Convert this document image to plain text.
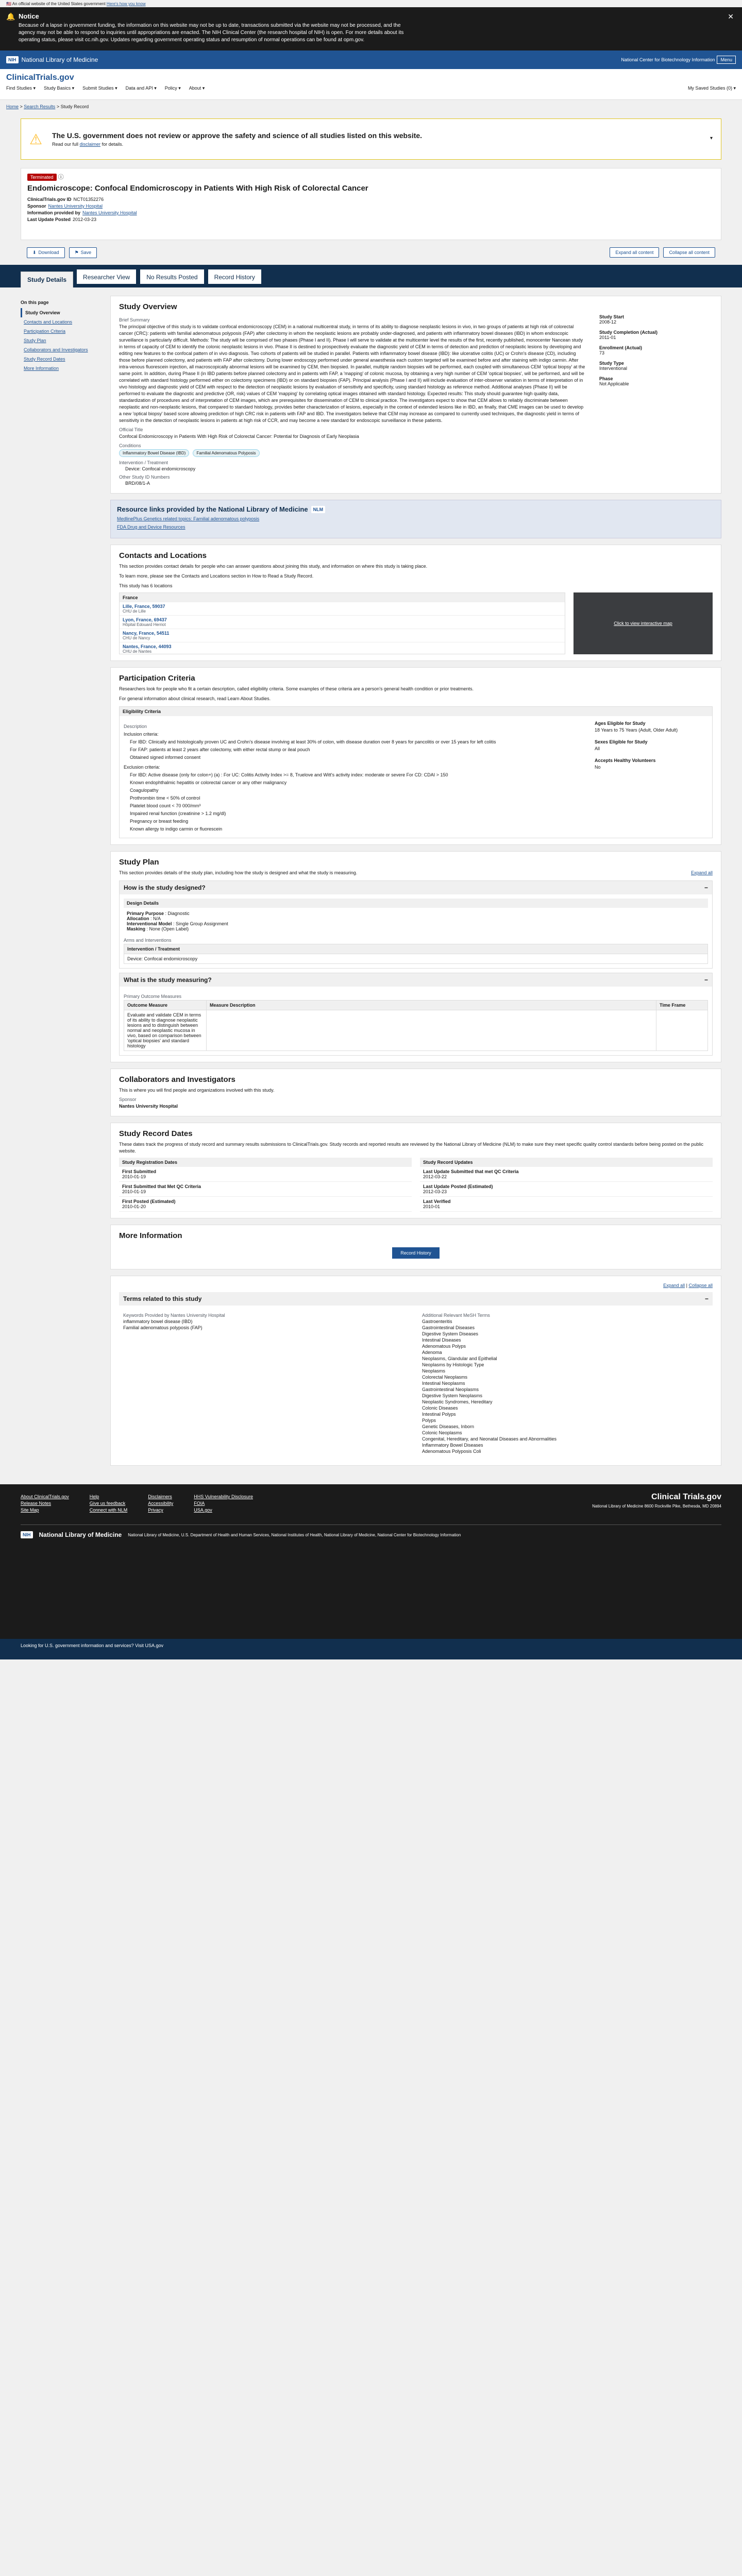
🇺🇸 An official website of the United States government Here's how you know
🔔 Notice

Because of a lapse in government funding, the information on this website may not be up to date, transactions submitted via the website may not be processed, and the agency may not be able to respond to inquiries until appropriations are enacted. The NIH Clinical Center (the research hospital of NIH) is open. For more details about its operating status, please visit cc.nih.gov. Updates regarding government operating status and resumption of normal operations can be found at opm.gov.

✕
NIH National Library of Medicine	National Center for Biotechnology Information	Menu
ClinicalTrials.gov
Find Studies ▾ Study Basics ▾ Submit Studies ▾ Data and API ▾ Policy ▾ About ▾	My Saved Studies (0) ▾
Home > Search Results > Study Record
⚠	The U.S. government does not review or approve the safety and science of all studies listed on this website.

Read our full disclaimer for details.

▾
Terminated ⓘ
Endomicroscope: Confocal Endomicroscopy in Patients With High Risk of Colorectal Cancer
ClinicalTrials.gov ID NCT01352276
Sponsor Nantes University Hospital
Information provided by Nantes University Hospital
Last Update Posted 2012-03-23
⬇ Download	⚑ Save	Expand all content	Collapse all content
Study Details	Researcher View	No Results Posted	Record History
On this page
Study Overview
Contacts and Locations
Participation Criteria
Study Plan
Collaborators and Investigators
Study Record Dates
More Information
Study Overview
Brief Summary
The principal objective of this study is to validate confocal endomicroscopy (CEM) in a national multicentral study, in terms of its ability to diagnose neoplastic lesions in vivo, in two groups of patients at high risk of colorectal cancer (CRC): patients with familial adenomatous polyposis (FAP) after colectomy in whom the neoplastic lesions are probably under-diagnosed, and patients with inflammatory bowel diseases (IBD) in whom endoscopic surveillance is particularly difficult. Methods: The study will be comprised of two phases (Phase I and II). Phase I will serve to validate at the multicenter level the results of the first, recently published, monocenter Nancean study in terms of capacity of CEM to identify the colonic neoplastic lesions in vivo. Phase II is destined to prospectively evaluate the diagnostic yield of CEM in terms of detection and prediction of neoplastic lesions by developing and editing new features to the confocal pattern of in vivo diagnosis. Two cohorts of patients will be studied in parallel. Patients with inflammatory bowel disease (IBD): like ulcerative colitis (UC) or Crohn's disease (CD), including those before planned colectomy, and patients with FAP after colectomy. During lower endoscopy performed under general anaesthesia each custom targeted will be examined before and after staining with indigo carmin. After intra-venous fluorescein injection, all macroscopically abnormal lesions will be examined by CEM, then biopsied. In parallel, multiple random biopsies will be performed, each coupled with simultaneous CEM 'optical biopsy' at the same point. In addition, during Phase II (in IBD patients before planned colectomy and in patients with FAP, a 'mapping' of colonic mucosa, by obtaining a very high number of CEM 'optical biopsies', will be performed, and will be correlated with standard histology performed either on colectomy specimens (IBD) or on standard biopsies (FAP). Principal analysis (Phase I and II) will include evaluation of inter-observer variation in terms of interpretation of in vivo histology and diagnostic yield of CEM with respect to the detection of neoplastic lesions by evaluation of sensitivity and specificity, using standard histology as reference method. Additional analyses (Phase II) will be performed to evaluate the diagnostic and predictive (OR, risk) values of CEM 'mapping' by correlating optical images obtained with standard histology. Expected results: This study should guarantee high quality data, standardization of procedures and of interpretation of CEM images, which are prerequisites for dissemination of CEM to clinical practice. The investigators expect to show that CEM allows to reliably discriminate between neoplastic and non-neoplastic lesions, that compared to standard histology, provides better characterization of lesions, especially in the context of extended lesions like in IBD, an finally, that CME images can be used to develop a new 'optical biopsy' based score allowing prediction of high CRC risk in patients with FAP and IBD. The investigators believe that CEM may increase as compared to currently used techniques, the diagnostic yield in terms of sensitivity in the detection of neoplastic lesions in patients at high risk of CCR, and may become a new standard for endoscopic surveillance in these patients.
Official Title
Confocal Endomicroscopy in Patients With High Risk of Colorectal Cancer: Potential for Diagnosis of Early Neoplasia
Conditions
Inflammatory Bowel Disease (IBD)	Familial Adenomatous Polyposis
Intervention / Treatment
Device: Confocal endomicroscopy
Other Study ID Numbers
BRD/08/1-A
Study Start
2008-12
Study Completion (Actual)
2011-01
Enrollment (Actual)
73
Study Type
Interventional
Phase
Not Applicable
Resource links provided by the National Library of Medicine	NLM
MedlinePlus Genetics related topics: Familial adenomatous polyposis
FDA Drug and Device Resources
Contacts and Locations
This section provides contact details for people who can answer questions about joining this study, and information on where this study is taking place.
To learn more, please see the Contacts and Locations section in How to Read a Study Record.
This study has 6 locations
France
Lille, France, 59037
CHU de Lille
Lyon, France, 69437
Hôpital Edouard Herriot
Nancy, France, 54511
CHU de Nancy
Nantes, France, 44093
CHU de Nantes
Click to view interactive map
Participation Criteria
Researchers look for people who fit a certain description, called eligibility criteria. Some examples of these criteria are a person's general health condition or prior treatments.
For general information about clinical research, read Learn About Studies.
Eligibility Criteria
Description
Inclusion criteria:
For IBD: Clinically and histologically proven UC and Crohn's disease involving at least 30% of colon, with disease duration over 8 years for pancolitis or over 15 years for left colitis
For FAP: patients at least 2 years after colectomy, with either rectal stump or ileal pouch
Obtained signed informed consent
Exclusion criteria:
For IBD: Active disease (only for colon+) (a) : For UC: Colitis Activity Index >= 8, Truelove and Witt's activity index: moderate or severe For CD: CDAI > 150
Known endophthalmic hepatitis or colorectal cancer or any other malignancy
Coagulopathy
Prothrombin time < 50% of control
Platelet blood count < 70 000/mm³
Impaired renal function (creatinine > 1.2 mg/dl)
Pregnancy or breast feeding
Known allergy to indigo carmin or fluorescein
Ages Eligible for Study
18 Years to 75 Years (Adult, Older Adult)
Sexes Eligible for Study
All
Accepts Healthy Volunteers
No
Study Plan
This section provides details of the study plan, including how the study is designed and what the study is measuring.	Expand all
How is the study designed?	−
Design Details
Primary Purpose : Diagnostic
Allocation : N/A
Interventional Model : Single Group Assignment
Masking : None (Open Label)
Arms and Interventions
Intervention / Treatment
Device: Confocal endomicroscopy
What is the study measuring?	−
Primary Outcome Measures
Outcome Measure	Measure Description	Time Frame
Evaluate and validate CEM in terms of its ability to diagnose neoplastic lesions and to distinguish between normal and neoplastic mucosa in vivo, based on comparison between 'optical biopsies' and standard histology		
Collaborators and Investigators
This is where you will find people and organizations involved with this study.
Sponsor
Nantes University Hospital
Study Record Dates
These dates track the progress of study record and summary results submissions to ClinicalTrials.gov. Study records and reported results are reviewed by the National Library of Medicine (NLM) to make sure they meet specific quality control standards before being posted on the public website.
Study Registration Dates
First Submitted
2010-01-19
First Submitted that Met QC Criteria
2010-01-19
First Posted (Estimated)
2010-01-20
Study Record Updates
Last Update Submitted that met QC Criteria
2012-03-22
Last Update Posted (Estimated)
2012-03-23
Last Verified
2010-01
More Information
Record History
Expand all | Collapse all
Terms related to this study	−
Keywords Provided by Nantes University Hospital
inflammatory bowel disease (IBD)
Familial adenomatous polyposis (FAP)
Additional Relevant MeSH Terms
Gastroenteritis
Gastrointestinal Diseases
Digestive System Diseases
Intestinal Diseases
Adenomatous Polyps
Adenoma
Neoplasms, Glandular and Epithelial
Neoplasms by Histologic Type
Neoplasms
Colorectal Neoplasms
Intestinal Neoplasms
Gastrointestinal Neoplasms
Digestive System Neoplasms
Neoplastic Syndromes, Hereditary
Colonic Diseases
Intestinal Polyps
Polyps
Genetic Diseases, Inborn
Colonic Neoplasms
Congenital, Hereditary, and Neonatal Diseases and Abnormalities
Inflammatory Bowel Diseases
Adenomatous Polyposis Coli
About ClinicalTrials.gov
Release Notes
Site Map
Help
Give us feedback
Connect with NLM
Disclaimers
Accessibility
Privacy
HHS Vulnerability Disclosure
FOIA
USA.gov
Clinical Trials.gov
National Library of Medicine 8600 Rockville Pike, Bethesda, MD 20894
NIH	National Library of Medicine National Library of Medicine, U.S. Department of Health and Human Services, National Institutes of Health, National Library of Medicine, National Center for Biotechnology Information
Looking for U.S. government information and services? Visit USA.gov
